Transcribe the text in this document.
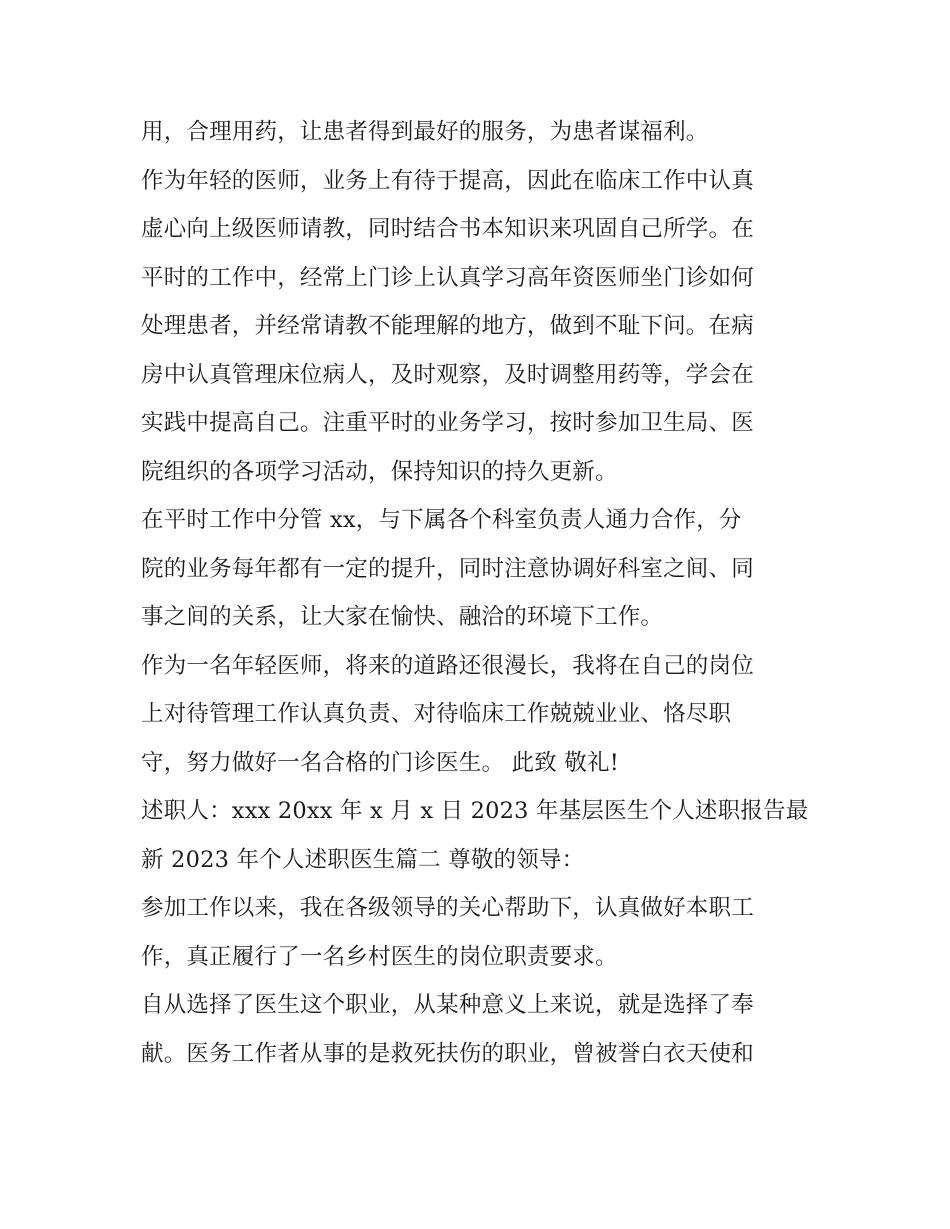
用，合理用药，让患者得到最好的服务，为患者谋福利。
作为年轻的医师，业务上有待于提高，因此在临床工作中认真
虚心向上级医师请教，同时结合书本知识来巩固自己所学。在
平时的工作中，经常上门诊上认真学习高年资医师坐门诊如何
处理患者，并经常请教不能理解的地方，做到不耻下问。在病
房中认真管理床位病人，及时观察，及时调整用药等，学会在
实践中提高自己。注重平时的业务学习，按时参加卫生局、医
院组织的各项学习活动，保持知识的持久更新。
在平时工作中分管 xx，与下属各个科室负责人通力合作，分
院的业务每年都有一定的提升，同时注意协调好科室之间、同
事之间的关系，让大家在愉快、融洽的环境下工作。
作为一名年轻医师，将来的道路还很漫长，我将在自己的岗位
上对待管理工作认真负责、对待临床工作兢兢业业、恪尽职
守，努力做好一名合格的门诊医生。 此致 敬礼!
述职人：xxx 20xx 年 x 月 x 日 2023 年基层医生个人述职报告最
新 2023 年个人述职医生篇二 尊敬的领导：
参加工作以来，我在各级领导的关心帮助下，认真做好本职工
作，真正履行了一名乡村医生的岗位职责要求。
自从选择了医生这个职业，从某种意义上来说，就是选择了奉
献。医务工作者从事的是救死扶伤的职业，曾被誉白衣天使和
